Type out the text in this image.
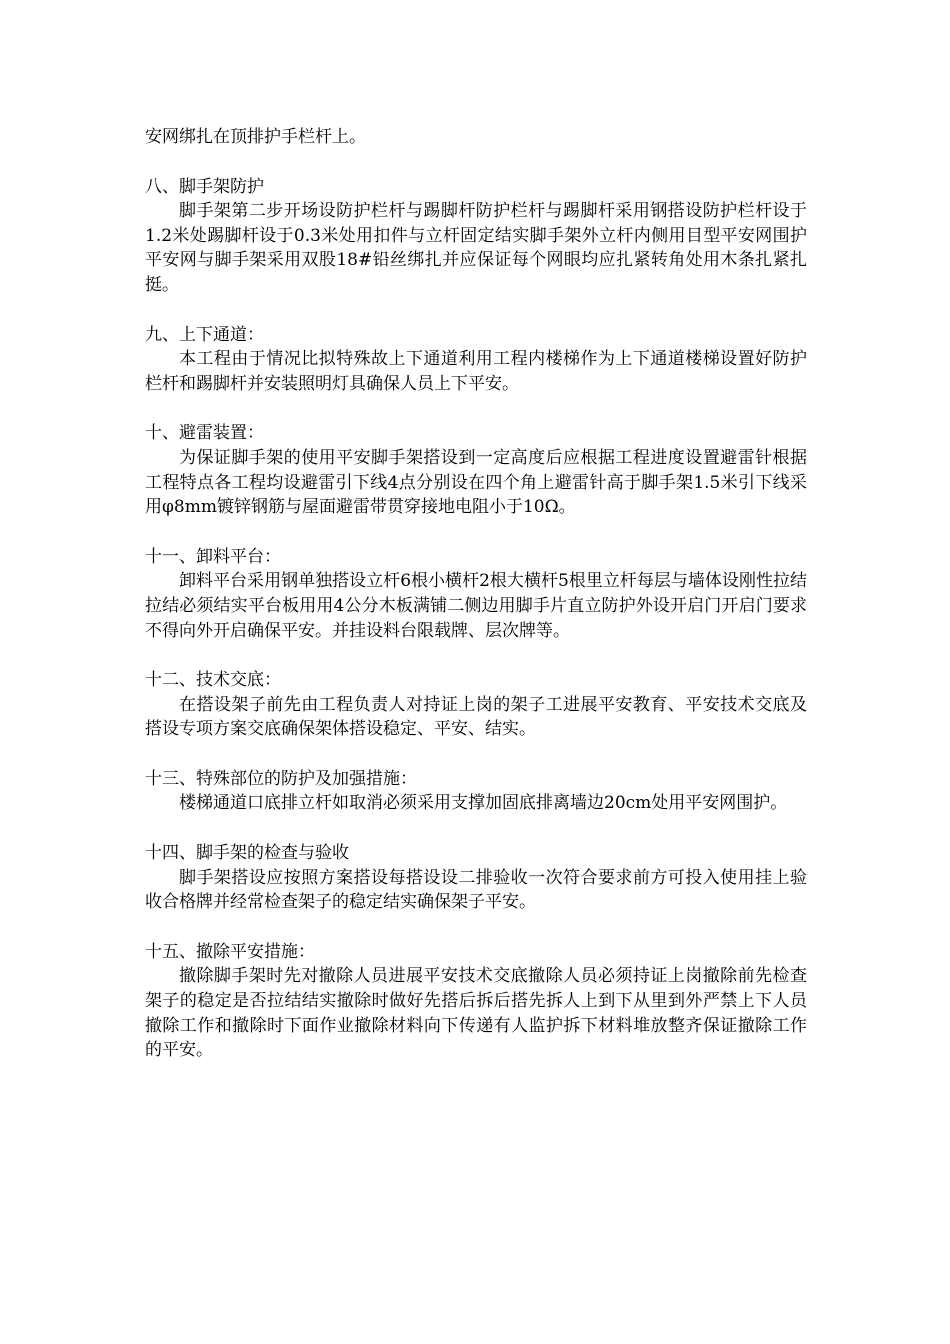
安网绑扎在顶排护手栏杆上。

八、脚手架防护

脚手架第二步开场设防护栏杆与踢脚杆防护栏杆与踢脚杆采用钢搭设防护栏杆设于1.2米处踢脚杆设于0.3米处用扣件与立杆固定结实脚手架外立杆内侧用目型平安网围护平安网与脚手架采用双股18#铅丝绑扎并应保证每个网眼均应扎紧转角处用木条扎紧扎挺。

九、上下通道：

本工程由于情况比拟特殊故上下通道利用工程内楼梯作为上下通道楼梯设置好防护栏杆和踢脚杆并安装照明灯具确保人员上下平安。

十、避雷装置：

为保证脚手架的使用平安脚手架搭设到一定高度后应根据工程进度设置避雷针根据工程特点各工程均设避雷引下线4点分别设在四个角上避雷针高于脚手架1.5米引下线采用φ8mm镀锌钢筋与屋面避雷带贯穿接地电阻小于10Ω。

十一、卸料平台：

卸料平台采用钢单独搭设立杆6根小横杆2根大横杆5根里立杆每层与墙体设刚性拉结拉结必须结实平台板用用4公分木板满铺二侧边用脚手片直立防护外设开启门开启门要求不得向外开启确保平安。并挂设料台限载牌、层次牌等。

十二、技术交底：

在搭设架子前先由工程负责人对持证上岗的架子工进展平安教育、平安技术交底及搭设专项方案交底确保架体搭设稳定、平安、结实。

十三、特殊部位的防护及加强措施：

楼梯通道口底排立杆如取消必须采用支撑加固底排离墙边20cm处用平安网围护。

十四、脚手架的检查与验收

脚手架搭设应按照方案搭设每搭设设二排验收一次符合要求前方可投入使用挂上验收合格牌并经常检查架子的稳定结实确保架子平安。

十五、撤除平安措施：

撤除脚手架时先对撤除人员进展平安技术交底撤除人员必须持证上岗撤除前先检查架子的稳定是否拉结结实撤除时做好先搭后拆后搭先拆人上到下从里到外严禁上下人员撤除工作和撤除时下面作业撤除材料向下传递有人监护拆下材料堆放整齐保证撤除工作的平安。
